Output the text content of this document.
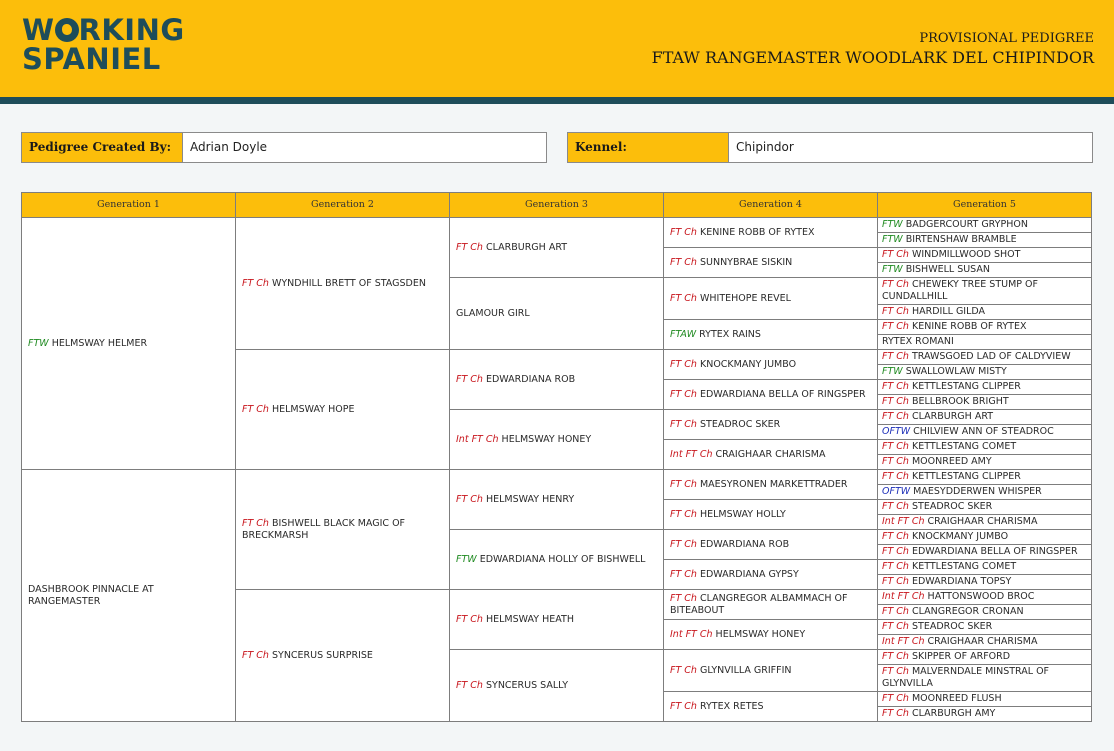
W RKING
SPANIEL
PROVISIONAL PEDIGREE
FTAW RANGEMASTER WOODLARK DEL CHIPINDOR
Pedigree Created By:	Adrian Doyle	Kennel:	Chipindor
Generation 1	Generation 2	Generation 3	Generation 4	Generation 5
FTW HELMSWAY HELMER	FT Ch WYNDHILL BRETT OF STAGSDEN	FT Ch CLARBURGH ART	FT Ch KENINE ROBB OF RYTEX	FTW BADGERCOURT GRYPHON
				FTW BIRTENSHAW BRAMBLE
			FT Ch SUNNYBRAE SISKIN	FT Ch WINDMILLWOOD SHOT
				FTW BISHWELL SUSAN
		GLAMOUR GIRL	FT Ch WHITEHOPE REVEL	FT Ch CHEWEKY TREE STUMP OF CUNDALLHILL
				FT Ch HARDILL GILDA
			FTAW RYTEX RAINS	FT Ch KENINE ROBB OF RYTEX
				RYTEX ROMANI
	FT Ch HELMSWAY HOPE	FT Ch EDWARDIANA ROB	FT Ch KNOCKMANY JUMBO	FT Ch TRAWSGOED LAD OF CALDYVIEW
				FTW SWALLOWLAW MISTY
			FT Ch EDWARDIANA BELLA OF RINGSPER	FT Ch KETTLESTANG CLIPPER
				FT Ch BELLBROOK BRIGHT
		Int FT Ch HELMSWAY HONEY	FT Ch STEADROC SKER	FT Ch CLARBURGH ART
				OFTW CHILVIEW ANN OF STEADROC
			Int FT Ch CRAIGHAAR CHARISMA	FT Ch KETTLESTANG COMET
				FT Ch MOONREED AMY
DASHBROOK PINNACLE AT RANGEMASTER	FT Ch BISHWELL BLACK MAGIC OF BRECKMARSH	FT Ch HELMSWAY HENRY	FT Ch MAESYRONEN MARKETTRADER	FT Ch KETTLESTANG CLIPPER
				OFTW MAESYDDERWEN WHISPER
			FT Ch HELMSWAY HOLLY	FT Ch STEADROC SKER
				Int FT Ch CRAIGHAAR CHARISMA
		FTW EDWARDIANA HOLLY OF BISHWELL	FT Ch EDWARDIANA ROB	FT Ch KNOCKMANY JUMBO
				FT Ch EDWARDIANA BELLA OF RINGSPER
			FT Ch EDWARDIANA GYPSY	FT Ch KETTLESTANG COMET
				FT Ch EDWARDIANA TOPSY
	FT Ch SYNCERUS SURPRISE	FT Ch HELMSWAY HEATH	FT Ch CLANGREGOR ALBAMMACH OF BITEABOUT	Int FT Ch HATTONSWOOD BROC
				FT Ch CLANGREGOR CRONAN
			Int FT Ch HELMSWAY HONEY	FT Ch STEADROC SKER
				Int FT Ch CRAIGHAAR CHARISMA
		FT Ch SYNCERUS SALLY	FT Ch GLYNVILLA GRIFFIN	FT Ch SKIPPER OF ARFORD
				FT Ch MALVERNDALE MINSTRAL OF GLYNVILLA
			FT Ch RYTEX RETES	FT Ch MOONREED FLUSH
				FT Ch CLARBURGH AMY
